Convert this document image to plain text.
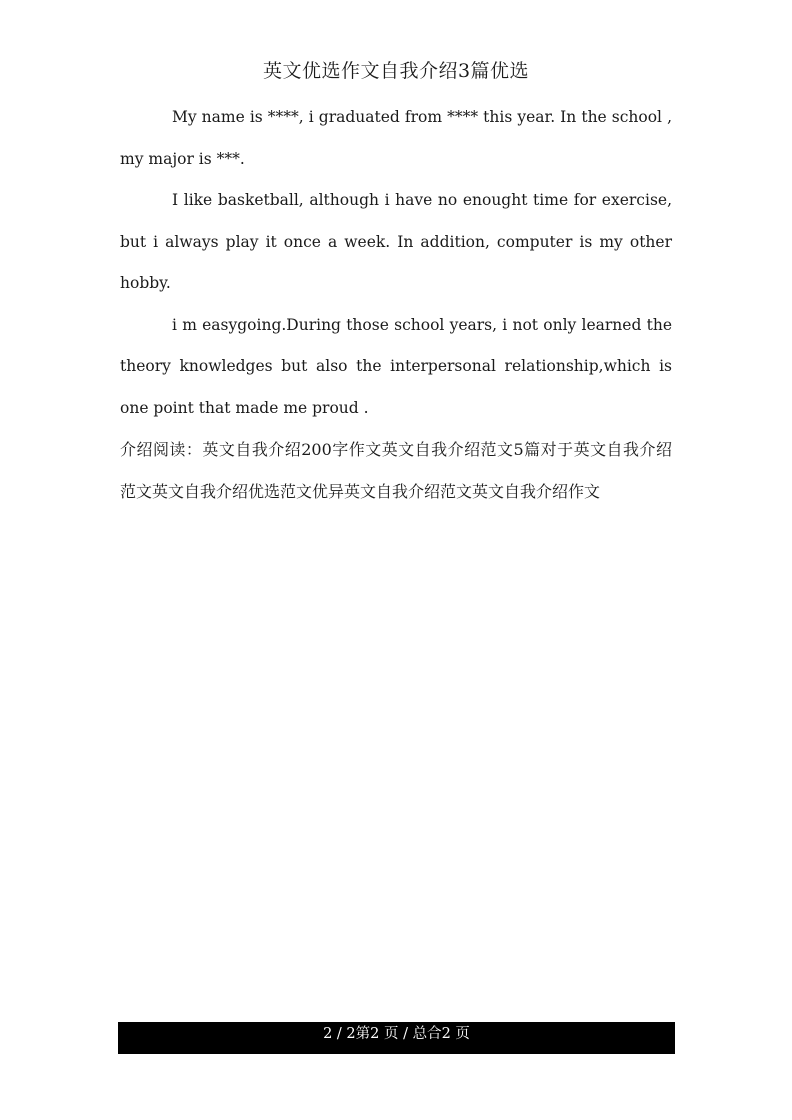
英文优选作文自我介绍3篇优选

My name is ****, i graduated from **** this year. In the school , my major is ***.

I like basketball, although i have no enought time for exercise, but i always play it once a week. In addition, computer is my other hobby.

i m easygoing.During those school years, i not only learned the theory knowledges but also the interpersonal relationship,which is one point that made me proud .

介绍阅读：英文自我介绍200字作文英文自我介绍范文5篇对于英文自我介绍范文英文自我介绍优选范文优异英文自我介绍范文英文自我介绍作文

2 / 2第2 页 / 总合2 页
